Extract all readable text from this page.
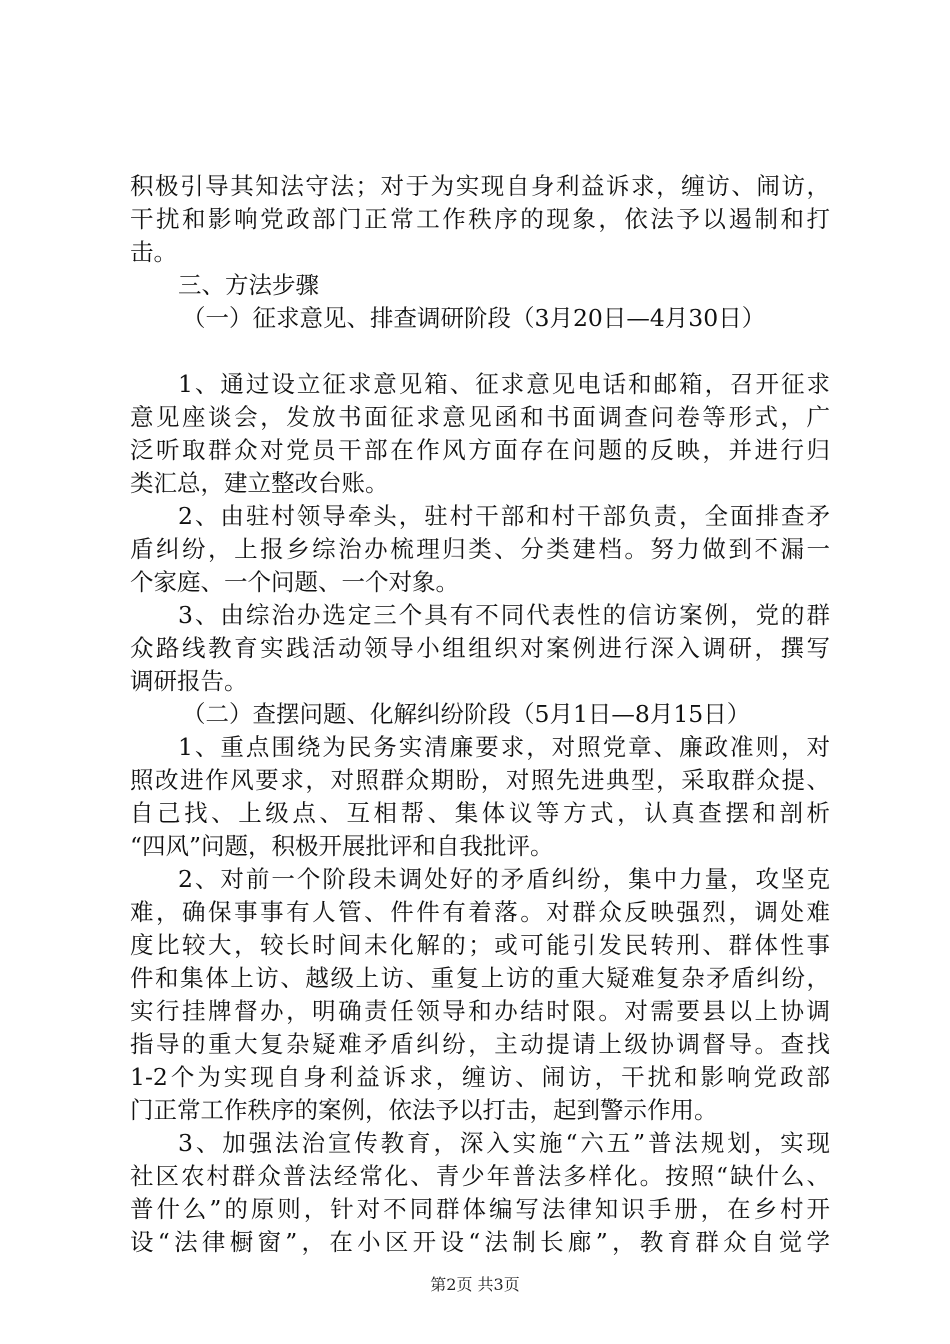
积极引导其知法守法；对于为实现自身利益诉求，缠访、闹访，
干扰和影响党政部门正常工作秩序的现象，依法予以遏制和打
击。
三、方法步骤
（一）征求意见、排查调研阶段（3月20日—4月30日）
1、通过设立征求意见箱、征求意见电话和邮箱，召开征求
意见座谈会，发放书面征求意见函和书面调查问卷等形式，广
泛听取群众对党员干部在作风方面存在问题的反映，并进行归
类汇总，建立整改台账。
2、由驻村领导牵头，驻村干部和村干部负责，全面排查矛
盾纠纷，上报乡综治办梳理归类、分类建档。努力做到不漏一
个家庭、一个问题、一个对象。
3、由综治办选定三个具有不同代表性的信访案例，党的群
众路线教育实践活动领导小组组织对案例进行深入调研，撰写
调研报告。
（二）查摆问题、化解纠纷阶段（5月1日—8月15日）
1、重点围绕为民务实清廉要求，对照党章、廉政准则，对
照改进作风要求，对照群众期盼，对照先进典型，采取群众提、
自己找、上级点、互相帮、集体议等方式，认真查摆和剖析
“四风”问题，积极开展批评和自我批评。
2、对前一个阶段未调处好的矛盾纠纷，集中力量，攻坚克
难，确保事事有人管、件件有着落。对群众反映强烈，调处难
度比较大，较长时间未化解的；或可能引发民转刑、群体性事
件和集体上访、越级上访、重复上访的重大疑难复杂矛盾纠纷，
实行挂牌督办，明确责任领导和办结时限。对需要县以上协调
指导的重大复杂疑难矛盾纠纷，主动提请上级协调督导。查找
1-2个为实现自身利益诉求，缠访、闹访，干扰和影响党政部
门正常工作秩序的案例，依法予以打击，起到警示作用。
3、加强法治宣传教育，深入实施“六五”普法规划，实现
社区农村群众普法经常化、青少年普法多样化。按照“缺什么、
普什么”的原则，针对不同群体编写法律知识手册，在乡村开
设“法律橱窗”，在小区开设“法制长廊”，教育群众自觉学
第2页 共3页
